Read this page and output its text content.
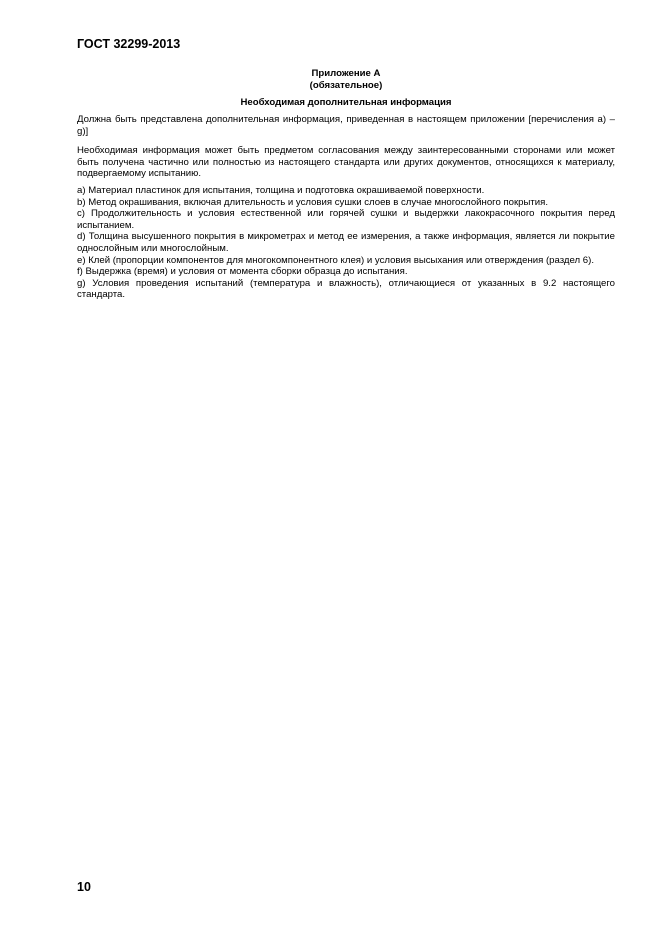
ГОСТ 32299-2013
Приложение А
(обязательное)
Необходимая дополнительная информация
Должна быть представлена дополнительная информация, приведенная в настоящем приложении [перечисления а) – g)]
Необходимая информация может быть предметом согласования между заинтересованными сторонами или может быть получена частично или полностью из настоящего стандарта или других документов, относящихся к материалу, подвергаемому испытанию.

а) Материал пластинок для испытания, толщина и подготовка окрашиваемой поверхности.

b) Метод окрашивания, включая длительность и условия сушки слоев в случае многослойного покрытия.

с) Продолжительность и условия естественной или горячей сушки и выдержки лакокрасочного покрытия перед испытанием.

d) Толщина высушенного покрытия в микрометрах и метод ее измерения, а также информация, является ли покрытие однослойным или многослойным.

е) Клей (пропорции компонентов для многокомпонентного клея) и условия высыхания или отверждения (раздел 6).

f) Выдержка (время) и условия от момента сборки образца до испытания.

g) Условия проведения испытаний (температура и влажность), отличающиеся от указанных в 9.2 настоящего стандарта.

10
